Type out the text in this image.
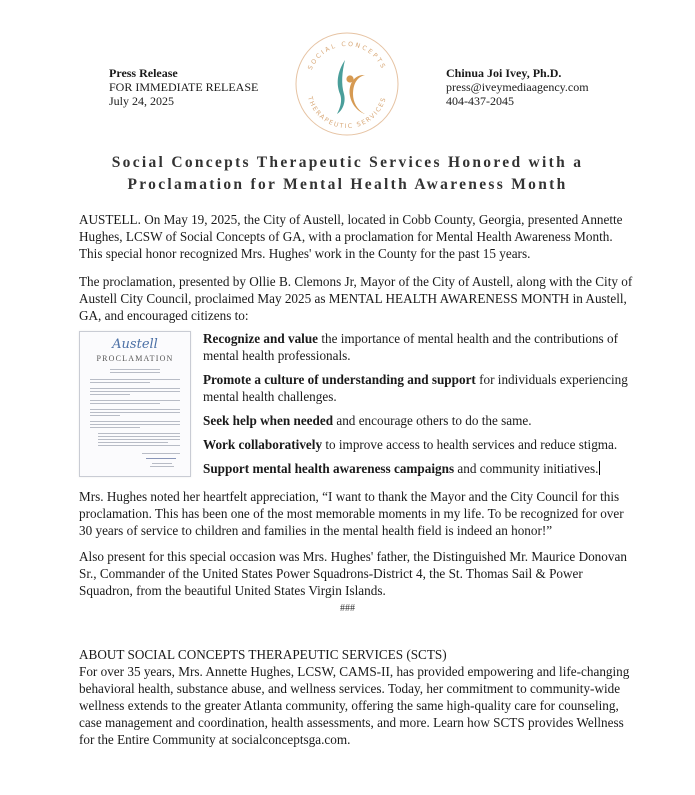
Press Release
FOR IMMEDIATE RELEASE
July 24, 2025
SOCIAL CONCEPTS
THERAPEUTIC SERVICES
Chinua Joi Ivey, Ph.D.
press@iveymediaagency.com
404-437-2045
Social Concepts Therapeutic Services Honored with a
Proclamation for Mental Health Awareness Month
AUSTELL. On May 19, 2025, the City of Austell, located in Cobb County, Georgia, presented Annette Hughes, LCSW of Social Concepts of GA, with a proclamation for Mental Health Awareness Month. This special honor recognized Mrs. Hughes' work in the County for the past 15 years.
The proclamation, presented by Ollie B. Clemons Jr, Mayor of the City of Austell, along with the City of Austell City Council, proclaimed May 2025 as MENTAL HEALTH AWARENESS MONTH in Austell, GA, and encouraged citizens to:
Austell
PROCLAMATION
Recognize and value the importance of mental health and the contributions of mental health professionals.
Promote a culture of understanding and support for individuals experiencing mental health challenges.
Seek help when needed and encourage others to do the same.
Work collaboratively to improve access to health services and reduce stigma.
Support mental health awareness campaigns and community initiatives.
Mrs. Hughes noted her heartfelt appreciation, “I want to thank the Mayor and the City Council for this proclamation. This has been one of the most memorable moments in my life. To be recognized for over 30 years of service to children and families in the mental health field is indeed an honor!”
Also present for this special occasion was Mrs. Hughes' father, the Distinguished Mr. Maurice Donovan Sr., Commander of the United States Power Squadrons-District 4, the St. Thomas Sail & Power Squadron, from the beautiful United States Virgin Islands.
###
ABOUT SOCIAL CONCEPTS THERAPEUTIC SERVICES (SCTS)
For over 35 years, Mrs. Annette Hughes, LCSW, CAMS-II, has provided empowering and life-changing behavioral health, substance abuse, and wellness services. Today, her commitment to community-wide wellness extends to the greater Atlanta community, offering the same high-quality care for counseling, case management and coordination, health assessments, and more. Learn how SCTS provides Wellness for the Entire Community at socialconceptsga.com.
